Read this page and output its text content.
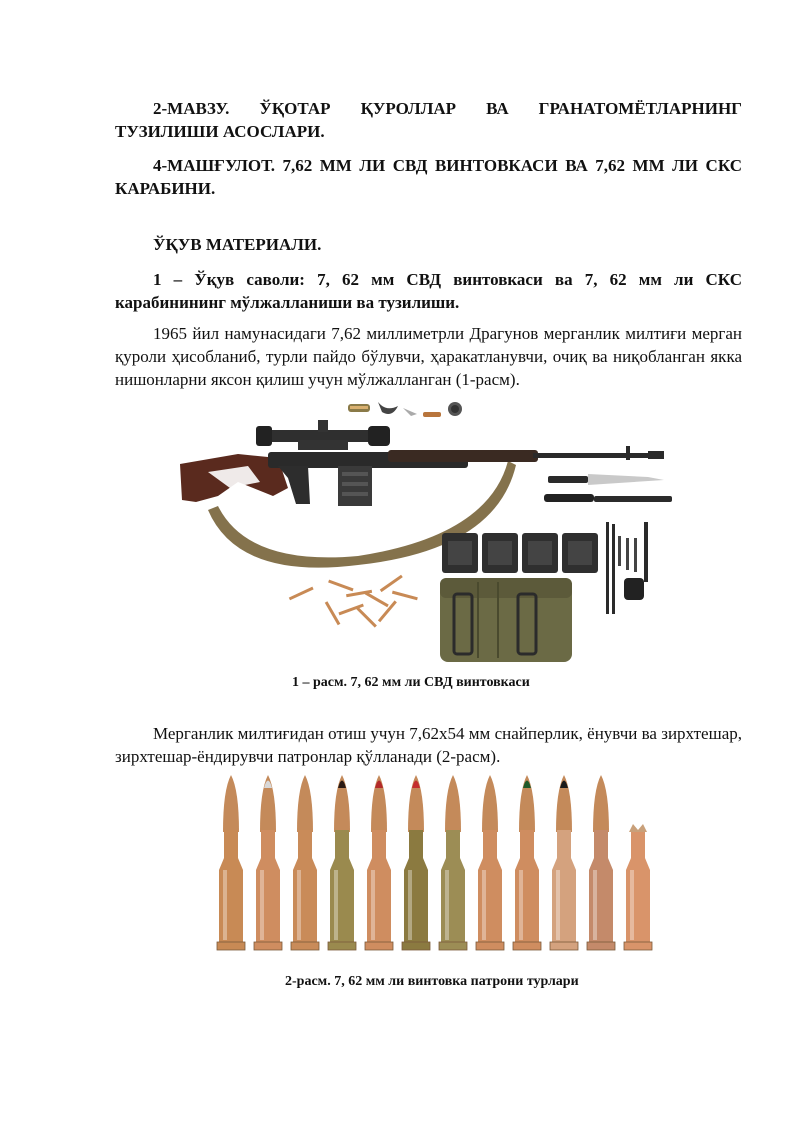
2-МАВЗУ. ЎҚОТАР ҚУРОЛЛАР ВА ГРАНАТОМЁТЛАРНИНГ ТУЗИЛИШИ АСОСЛАРИ.

4-МАШҒУЛОТ. 7,62 ММ ЛИ СВД ВИНТОВКАСИ ВА 7,62 ММ ЛИ СКС КАРАБИНИ.

ЎҚУВ МАТЕРИАЛИ.

1 – Ўқув саволи: 7, 62 мм СВД винтовкаси ва 7, 62 мм ли СКС карабинининг мўлжалланиши ва тузилиши.

1965 йил намунасидаги 7,62 миллиметрли Драгунов мерганлик милтиғи мерган қуроли ҳисобланиб, турли пайдо бўлувчи, ҳаракатланувчи, очиқ ва ниқобланган якка нишонларни яксон қилиш учун мўлжалланган (1-расм).

1 – расм. 7, 62 мм ли СВД винтовкаси

Мерганлик милтиғидан отиш учун 7,62х54 мм снайперлик, ёнувчи ва зирхтешар, зирхтешар-ёндирувчи патронлар қўлланади (2-расм).

2-расм. 7, 62 мм ли винтовка патрони турлари
